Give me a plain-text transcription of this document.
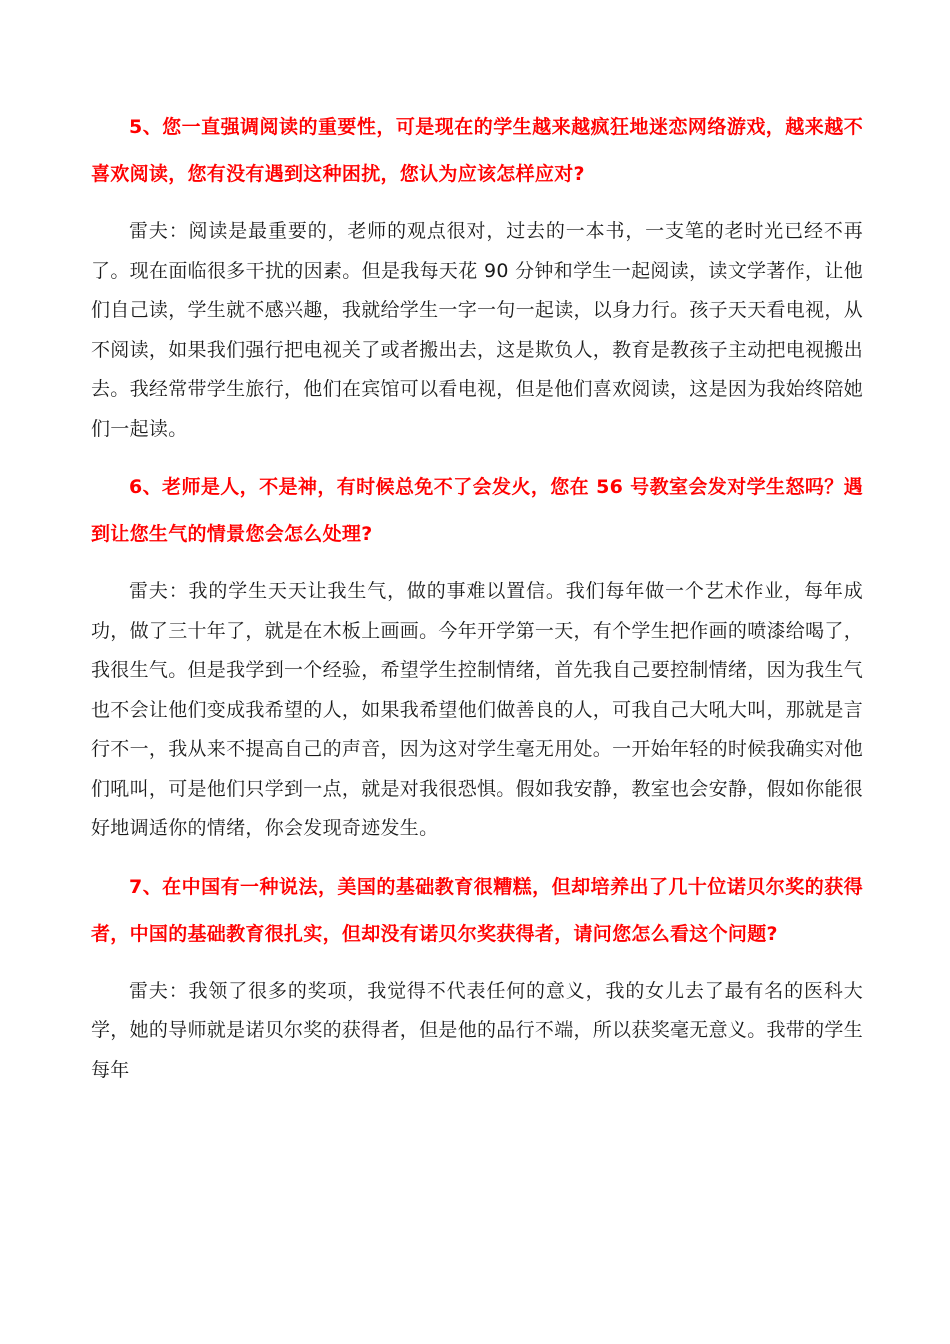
5、您一直强调阅读的重要性，可是现在的学生越来越疯狂地迷恋网络游戏，越来越不喜欢阅读，您有没有遇到这种困扰，您认为应该怎样应对?

雷夫：阅读是最重要的，老师的观点很对，过去的一本书，一支笔的老时光已经不再了。现在面临很多干扰的因素。但是我每天花 90 分钟和学生一起阅读，读文学著作，让他们自己读，学生就不感兴趣，我就给学生一字一句一起读，以身力行。孩子天天看电视，从不阅读，如果我们强行把电视关了或者搬出去，这是欺负人，教育是教孩子主动把电视搬出去。我经常带学生旅行，他们在宾馆可以看电视，但是他们喜欢阅读，这是因为我始终陪她们一起读。

6、老师是人，不是神，有时候总免不了会发火，您在 56 号教室会发对学生怒吗？遇到让您生气的情景您会怎么处理?

雷夫：我的学生天天让我生气，做的事难以置信。我们每年做一个艺术作业，每年成功，做了三十年了，就是在木板上画画。今年开学第一天，有个学生把作画的喷漆给喝了，我很生气。但是我学到一个经验，希望学生控制情绪，首先我自己要控制情绪，因为我生气也不会让他们变成我希望的人，如果我希望他们做善良的人，可我自己大吼大叫，那就是言行不一，我从来不提高自己的声音，因为这对学生毫无用处。一开始年轻的时候我确实对他们吼叫，可是他们只学到一点，就是对我很恐惧。假如我安静，教室也会安静，假如你能很好地调适你的情绪，你会发现奇迹发生。

7、在中国有一种说法，美国的基础教育很糟糕，但却培养出了几十位诺贝尔奖的获得者，中国的基础教育很扎实，但却没有诺贝尔奖获得者，请问您怎么看这个问题?

雷夫：我领了很多的奖项，我觉得不代表任何的意义，我的女儿去了最有名的医科大学，她的导师就是诺贝尔奖的获得者，但是他的品行不端，所以获奖毫无意义。我带的学生每年
